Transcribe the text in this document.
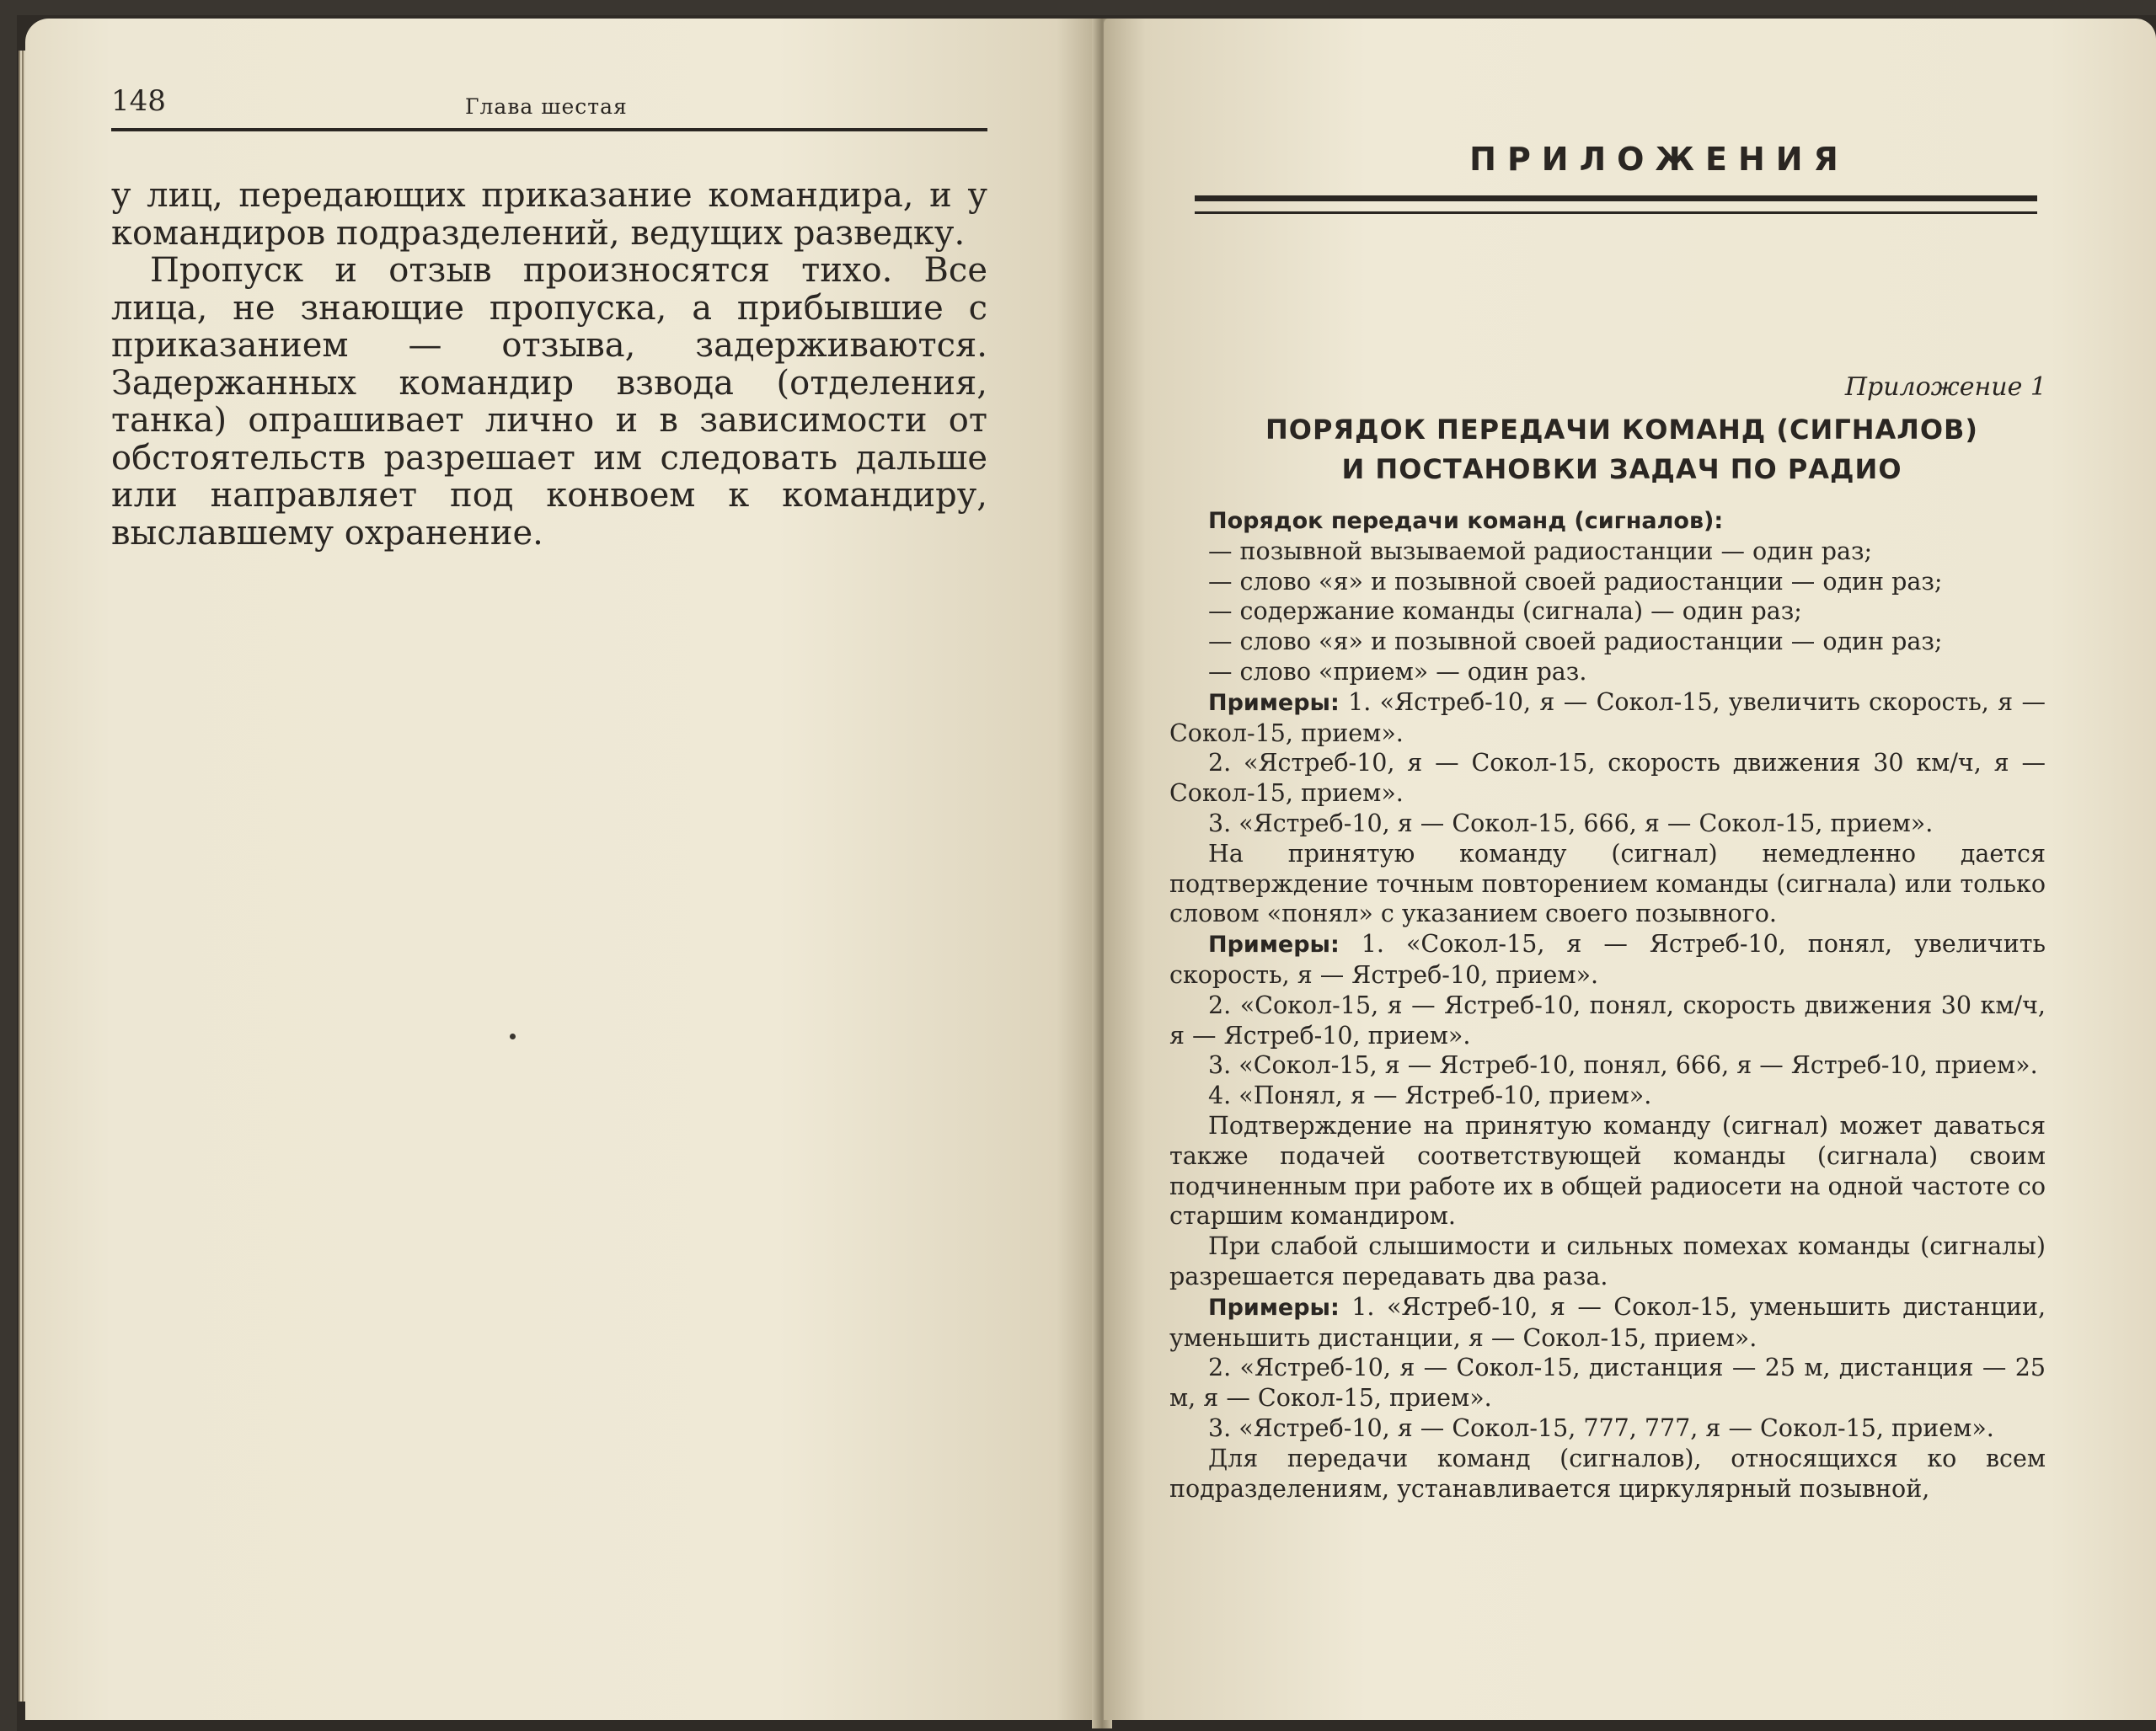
148	Глава шестая

у лиц, передающих приказание командира, и у командиров подразделений, ведущих разведку.

Пропуск и отзыв произносятся тихо. Все лица, не знающие пропуска, а прибывшие с приказанием — отзыва, задерживаются. Задержанных командир взвода (отделения, танка) опрашивает лично и в зависимости от обстоятельств разрешает им следовать дальше или направляет под конвоем к командиру, выславшему охранение.

ПРИЛОЖЕНИЯ
Приложение 1
ПОРЯДОК ПЕРЕДАЧИ КОМАНД (СИГНАЛОВ)
И ПОСТАНОВКИ ЗАДАЧ ПО РАДИО

Порядок передачи команд (сигналов):

— позывной вызываемой радиостанции — один раз;

— слово «я» и позывной своей радиостанции — один раз;

— содержание команды (сигнала) — один раз;

— слово «я» и позывной своей радиостанции — один раз;

— слово «прием» — один раз.

Примеры: 1. «Ястреб-10, я — Сокол-15, увеличить скорость, я — Сокол-15, прием».

2. «Ястреб-10, я — Сокол-15, скорость движения 30 км/ч, я — Сокол-15, прием».

3. «Ястреб-10, я — Сокол-15, 666, я — Сокол-15, прием».

На принятую команду (сигнал) немедленно дается подтверждение точным повторением команды (сигнала) или только словом «понял» с указанием своего позывного.

Примеры: 1. «Сокол-15, я — Ястреб-10, понял, увеличить скорость, я — Ястреб-10, прием».

2. «Сокол-15, я — Ястреб-10, понял, скорость движения 30 км/ч, я — Ястреб-10, прием».

3. «Сокол-15, я — Ястреб-10, понял, 666, я — Ястреб-10, прием».

4. «Понял, я — Ястреб-10, прием».

Подтверждение на принятую команду (сигнал) может даваться также подачей соответствующей команды (сигнала) своим подчиненным при работе их в общей радиосети на одной частоте со старшим командиром.

При слабой слышимости и сильных помехах команды (сигналы) разрешается передавать два раза.

Примеры: 1. «Ястреб-10, я — Сокол-15, уменьшить дистанции, уменьшить дистанции, я — Сокол-15, прием».

2. «Ястреб-10, я — Сокол-15, дистанция — 25 м, дистанция — 25 м, я — Сокол-15, прием».

3. «Ястреб-10, я — Сокол-15, 777, 777, я — Сокол-15, прием».

Для передачи команд (сигналов), относящихся ко всем подразделениям, устанавливается циркулярный позывной,
